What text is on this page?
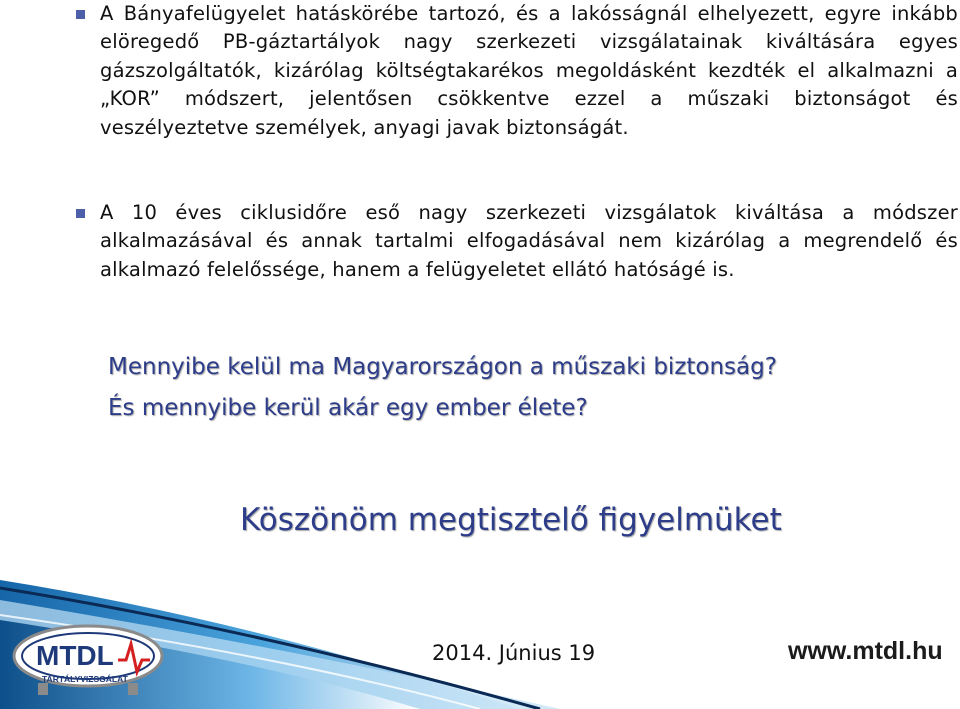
A Bányafelügyelet hatáskörébe tartozó, és a lakósságnál elhelyezett, egyre inkább elöregedő PB-gáztartályok nagy szerkezeti vizsgálatainak kiváltására egyes gázszolgáltatók, kizárólag költségtakarékos megoldásként kezdték el alkalmazni a „KOR” módszert, jelentősen csökkentve ezzel a műszaki biztonságot és veszélyeztetve személyek, anyagi javak biztonságát.

A 10 éves ciklusidőre eső nagy szerkezeti vizsgálatok kiváltása a módszer alkalmazásával és annak tartalmi elfogadásával nem kizárólag a megrendelő és alkalmazó felelőssége, hanem a felügyeletet ellátó hatóságé is.

Mennyibe kelül ma Magyarországon a műszaki biztonság?

És mennyibe kerül akár egy ember élete?

Köszönöm megtisztelő figyelmüket

MTDL
TARTÁLYVIZSGÁLAT
2014. Június 19	www.mtdl.hu
